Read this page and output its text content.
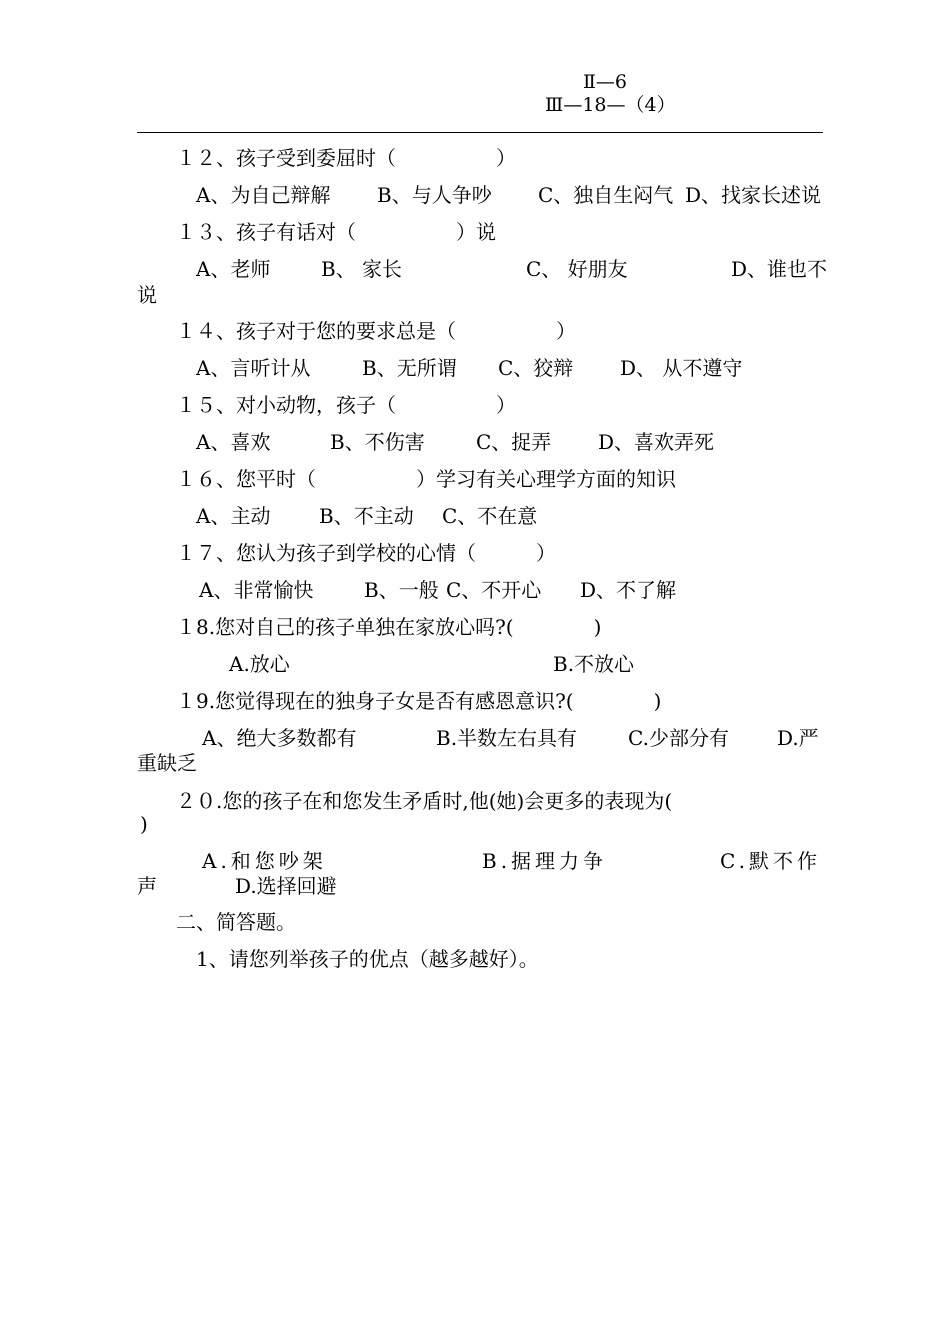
Ⅱ—6
Ⅲ—18—（4）
１２、孩子受到委屈时（　　　　　）
A、为自己辩解 B、与人争吵 C、独自生闷气 D、找家长述说
１３、孩子有话对（　　　　　）说
A、老师	B、 家长	C、 好朋友	D、谁也不
说
１４、孩子对于您的要求总是（　　　　　）
A、言听计从	B、无所谓 C、狡辩 D、 从不遵守
１５、对小动物，孩子（　　　　　）
A、喜欢	B、不伤害	C、捉弄 D、喜欢弄死
１６、您平时（　　　　　）学习有关心理学方面的知识
A、主动 B、不主动 C、不在意
１７、您认为孩子到学校的心情（　　　）
A、非常愉快	B、一般 C、不开心 D、不了解
１8.您对自己的孩子单独在家放心吗?(　　　　)
A.放心	B.不放心
１9.您觉得现在的独身子女是否有感恩意识?(　　　　)
A、绝大多数都有	B.半数左右具有	C.少部分有 D.严
重缺乏
２０.您的孩子在和您发生矛盾时,他(她)会更多的表现为(
)
A.和您吵架	B.据理力争	C.默不作
声	D.选择回避
二、简答题。
1、请您列举孩子的优点（越多越好）。
